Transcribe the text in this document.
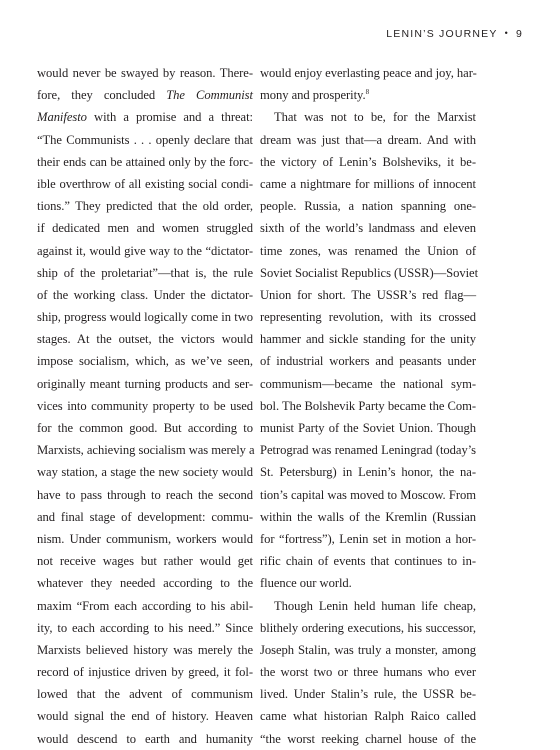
LENIN’S JOURNEY • 9
would never be swayed by reason. There-
fore, they concluded The Communist
Manifesto with a promise and a threat:
“The Communists . . . openly declare that
their ends can be attained only by the forc-
ible overthrow of all existing social condi-
tions.” They predicted that the old order,
if dedicated men and women struggled
against it, would give way to the “dictator-
ship of the proletariat”—that is, the rule
of the working class. Under the dictator-
ship, progress would logically come in two
stages. At the outset, the victors would
impose socialism, which, as we’ve seen,
originally meant turning products and ser-
vices into community property to be used
for the common good. But according to
Marxists, achieving socialism was merely a
way station, a stage the new society would
have to pass through to reach the second
and final stage of development: commu-
nism. Under communism, workers would
not receive wages but rather would get
whatever they needed according to the
maxim “From each according to his abil-
ity, to each according to his need.” Since
Marxists believed history was merely the
record of injustice driven by greed, it fol-
lowed that the advent of communism
would signal the end of history. Heaven
would descend to earth and humanity
would enjoy everlasting peace and joy, har-
mony and prosperity.$^8$
That was not to be, for the Marxist
dream was just that—a dream. And with
the victory of Lenin’s Bolsheviks, it be-
came a nightmare for millions of innocent
people. Russia, a nation spanning one-
sixth of the world’s landmass and eleven
time zones, was renamed the Union of
Soviet Socialist Republics (USSR)—Soviet
Union for short. The USSR’s red flag—
representing revolution, with its crossed
hammer and sickle standing for the unity
of industrial workers and peasants under
communism—became the national sym-
bol. The Bolshevik Party became the Com-
munist Party of the Soviet Union. Though
Petrograd was renamed Leningrad (today’s
St. Petersburg) in Lenin’s honor, the na-
tion’s capital was moved to Moscow. From
within the walls of the Kremlin (Russian
for “fortress”), Lenin set in motion a hor-
rific chain of events that continues to in-
fluence our world.
Though Lenin held human life cheap,
blithely ordering executions, his successor,
Joseph Stalin, was truly a monster, among
the worst two or three humans who ever
lived. Under Stalin’s rule, the USSR be-
came what historian Ralph Raico called
“the worst reeking charnel house of the
